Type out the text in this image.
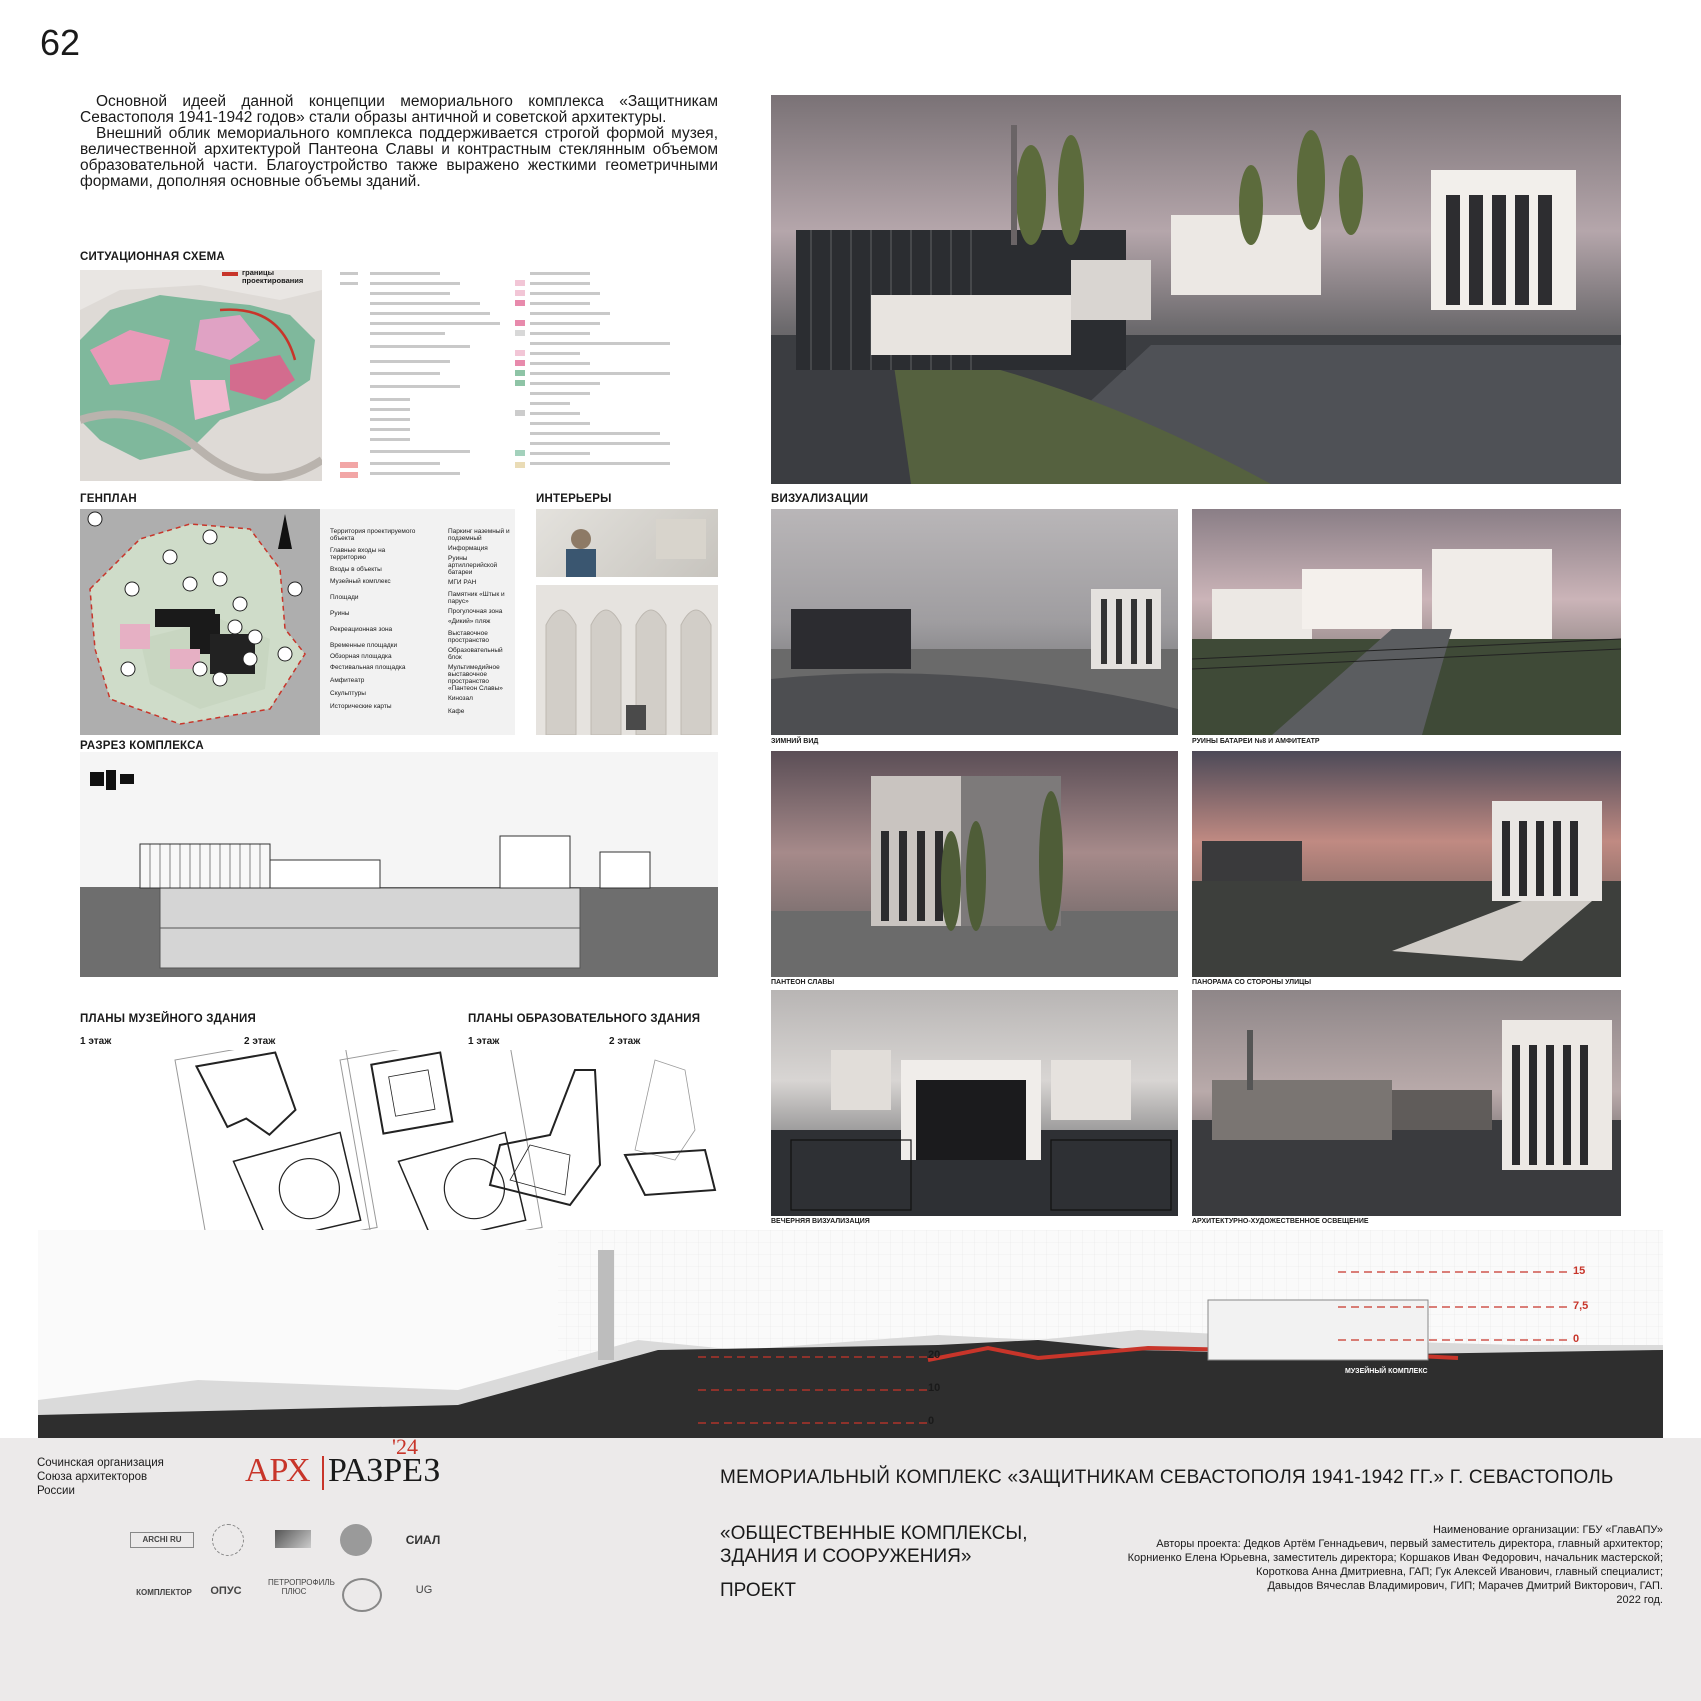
62

Основной идеей данной концепции мемориального комплекса «Защитникам Севастополя 1941-1942 годов» стали образы античной и советской архитектуры.

Внешний облик мемориального комплекса поддерживается строгой формой музея, величественной архитектурой Пантеона Славы и контрастным стеклянным объемом образовательной части. Благоустройство также выражено жесткими геометричными формами, дополняя основные объемы зданий.

СИТУАЦИОННАЯ СХЕМА
границы проектирования
ГЕНПЛАН
Территория проектируемого объекта
Главные входы на территорию
Входы в объекты
Музейный комплекс
Площади
Руины
Рекреационная зона
Временные площадки
Обзорная площадка
Фестивальная площадка
Амфитеатр
Скульптуры
Исторические карты
Паркинг наземный и подземный
Информация
Руины артиллерийской батареи
МГИ РАН
Памятник «Штык и парус»
Прогулочная зона
«Дикий» пляж
Выставочное пространство
Образовательный блок
Мультимедийное выставочное пространство «Пантеон Славы»
Кинозал
Кафе
ИНТЕРЬЕРЫ
РАЗРЕЗ КОМПЛЕКСА
ПЛАНЫ МУЗЕЙНОГО ЗДАНИЯ
1 этаж	2 этаж
ПЛАНЫ ОБРАЗОВАТЕЛЬНОГО ЗДАНИЯ
1 этаж	2 этаж
ВИЗУАЛИЗАЦИИ
ЗИМНИЙ ВИД	РУИНЫ БАТАРЕИ №8 И АМФИТЕАТР
ПАНТЕОН СЛАВЫ	ПАНОРАМА СО СТОРОНЫ УЛИЦЫ
ВЕЧЕРНЯЯ ВИЗУАЛИЗАЦИЯ	АРХИТЕКТУРНО-ХУДОЖЕСТВЕННОЕ ОСВЕЩЕНИЕ
20
10
0
15
7,5
0
МУЗЕЙНЫЙ КОМПЛЕКС
Сочинская организация
Союза архитекторов
России
АРХ РАЗРЕЗ
'24
МЕМОРИАЛЬНЫЙ КОМПЛЕКС «ЗАЩИТНИКАМ СЕВАСТОПОЛЯ 1941-1942 ГГ.» Г. СЕВАСТОПОЛЬ
«ОБЩЕСТВЕННЫЕ КОМПЛЕКСЫ,
ЗДАНИЯ И СООРУЖЕНИЯ»
ПРОЕКТ
Наименование организации: ГБУ «ГлавАПУ»
Авторы проекта: Дедков Артём Геннадьевич, первый заместитель директора, главный архитектор;
Корниенко Елена Юрьевна, заместитель директора; Коршаков Иван Федорович, начальник мастерской;
Короткова Анна Дмитриевна, ГАП; Гук Алексей Иванович, главный специалист;
Давыдов Вячеслав Владимирович, ГИП; Марачев Дмитрий Викторович, ГАП.
2022 год.
ARCHI RU	СИАЛ
КОМПЛЕКТОР	ОПУС
ПЕТРОПРОФИЛЬ ПЛЮС	UG
